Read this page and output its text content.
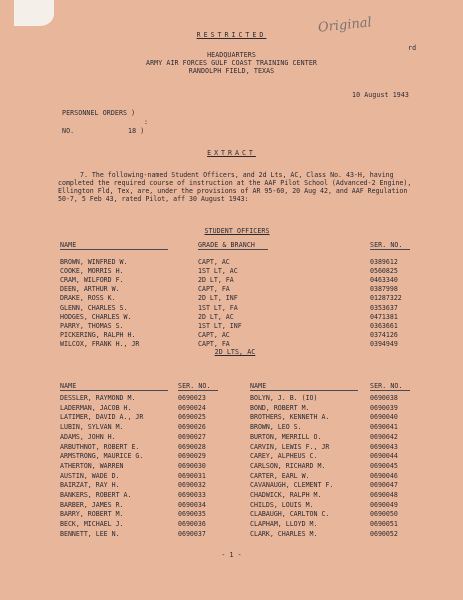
RESTRICTED
rd
Original
HEADQUARTERS
ARMY AIR FORCES GULF COAST TRAINING CENTER
RANDOLPH FIELD, TEXAS
10 August 1943
PERSONNEL ORDERS )
:
NO.	18 )
EXTRACT
7. The following-named Student Officers, and 2d Lts, AC, Class No. 43-H, having completed the required course of instruction at the AAF Pilot School (Advanced-2 Engine), Ellington Fld, Tex, are, under the provisions of AR 95-60, 20 Aug 42, and AAF Regulation 50-7, 5 Feb 43, rated Pilot, aff 30 August 1943:
STUDENT OFFICERS
NAME	GRADE & BRANCH	SER. NO.
BROWN, WINFRED W.	CAPT, AC	0389612
COOKE, MORRIS H.	1ST LT, AC	0560825
CRAM, WILFORD F.	2D LT, FA	0463340
DEEN, ARTHUR W.	CAPT, FA	0387998
DRAKE, ROSS K.	2D LT, INF	01287322
GLENN, CHARLES S.	1ST LT, FA	0353637
HODGES, CHARLES W.	2D LT, AC	0471381
PARRY, THOMAS S.	1ST LT, INF	0363661
PICKERING, RALPH H.	CAPT, AC	0374126
WILCOX, FRANK H., JR	CAPT, FA	0394949
2D LTS, AC
NAME	SER. NO.	NAME	SER. NO.
DESSLER, RAYMOND M.	0690023	BOLYN, J. B. (IO)	0690038
LADERMAN, JACOB H.	0690024	BOND, ROBERT M.	0690039
LATIMER, DAVID A., JR	0690025	BROTHERS, KENNETH A.	0690040
LUBIN, SYLVAN M.	0690026	BROWN, LEO S.	0690041
ADAMS, JOHN H.	0690027	BURTON, MERRILL O.	0690042
ARBUTHNOT, ROBERT E.	0690028	CARVIN, LEWIS F., JR	0690043
ARMSTRONG, MAURICE G.	0690029	CAREY, ALPHEUS C.	0690044
ATHERTON, WARREN	0690030	CARLSON, RICHARD M.	0690045
AUSTIN, WADE D.	0690031	CARTER, EARL W.	0690046
BAIRZAT, RAY H.	0690032	CAVANAUGH, CLEMENT F.	0690047
BANKERS, ROBERT A.	0690033	CHADWICK, RALPH M.	0690048
BARBER, JAMES R.	0690034	CHILDS, LOUIS M.	0690049
BARRY, ROBERT M.	0690035	CLABAUGH, CARLTON C.	0690050
BECK, MICHAEL J.	0690036	CLAPHAM, LLOYD M.	0690051
BENNETT, LEE N.	0690037	CLARK, CHARLES M.	0690052
- 1 -
